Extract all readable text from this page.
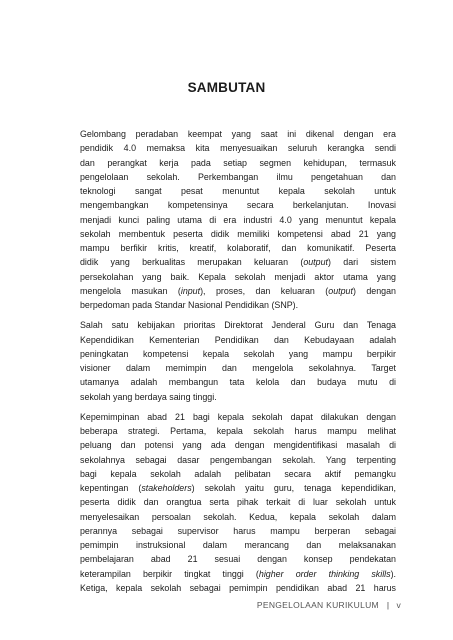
SAMBUTAN

Gelombang peradaban keempat yang saat ini dikenal dengan era
pendidik 4.0 memaksa kita menyesuaikan seluruh kerangka sendi
dan perangkat kerja pada setiap segmen kehidupan, termasuk
pengelolaan sekolah. Perkembangan ilmu pengetahuan dan
teknologi sangat pesat menuntut kepala sekolah untuk
mengembangkan kompetensinya secara berkelanjutan. Inovasi
menjadi kunci paling utama di era industri 4.0 yang menuntut kepala
sekolah membentuk peserta didik memiliki kompetensi abad 21 yang
mampu berfikir kritis, kreatif, kolaboratif, dan komunikatif. Peserta
didik yang berkualitas merupakan keluaran (output) dari sistem
persekolahan yang baik. Kepala sekolah menjadi aktor utama yang
mengelola masukan (input), proses, dan keluaran (output) dengan
berpedoman pada Standar Nasional Pendidikan (SNP).

Salah satu kebijakan prioritas Direktorat Jenderal Guru dan Tenaga
Kependidikan Kementerian Pendidikan dan Kebudayaan adalah
peningkatan kompetensi kepala sekolah yang mampu berpikir
visioner dalam memimpin dan mengelola sekolahnya. Target
utamanya adalah membangun tata kelola dan budaya mutu di
sekolah yang berdaya saing tinggi.

Kepemimpinan abad 21 bagi kepala sekolah dapat dilakukan dengan
beberapa strategi. Pertama, kepala sekolah harus mampu melihat
peluang dan potensi yang ada dengan mengidentifikasi masalah di
sekolahnya sebagai dasar pengembangan sekolah. Yang terpenting
bagi kepala sekolah adalah pelibatan secara aktif pemangku
kepentingan (stakeholders) sekolah yaitu guru, tenaga kependidikan,
peserta didik dan orangtua serta pihak terkait di luar sekolah untuk
menyelesaikan persoalan sekolah. Kedua, kepala sekolah dalam
perannya sebagai supervisor harus mampu berperan sebagai
pemimpin instruksional dalam merancang dan melaksanakan
pembelajaran abad 21 sesuai dengan konsep pendekatan
keterampilan berpikir tingkat tinggi (higher order thinking skills).
Ketiga, kepala sekolah sebagai pemimpin pendidikan abad 21 harus

PENGELOLAAN KURIKULUM | v
